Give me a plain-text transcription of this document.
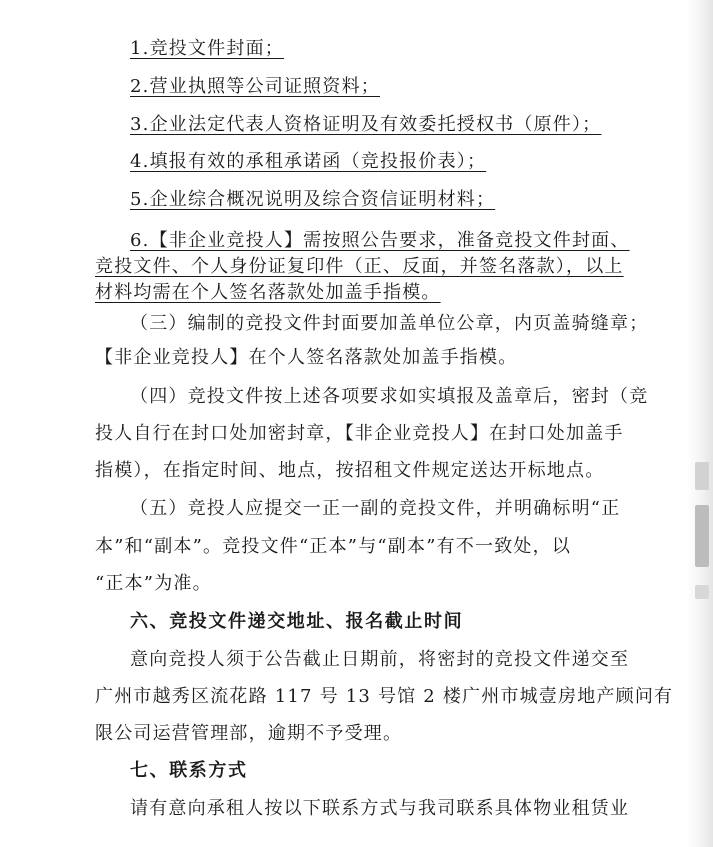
1.竞投文件封面；
2.营业执照等公司证照资料；
3.企业法定代表人资格证明及有效委托授权书（原件）；
4.填报有效的承租承诺函（竞投报价表）；
5.企业综合概况说明及综合资信证明材料；
6.【非企业竞投人】需按照公告要求，准备竞投文件封面、
竞投文件、个人身份证复印件（正、反面，并签名落款），以上
材料均需在个人签名落款处加盖手指模。
（三）编制的竞投文件封面要加盖单位公章，内页盖骑缝章；
【非企业竞投人】在个人签名落款处加盖手指模。
（四）竞投文件按上述各项要求如实填报及盖章后，密封（竞
投人自行在封口处加密封章，【非企业竞投人】在封口处加盖手
指模），在指定时间、地点，按招租文件规定送达开标地点。
（五）竞投人应提交一正一副的竞投文件，并明确标明“正
本”和“副本”。竞投文件“正本”与“副本”有不一致处，以
“正本”为准。
六、竞投文件递交地址、报名截止时间
意向竞投人须于公告截止日期前，将密封的竞投文件递交至
广州市越秀区流花路 117 号 13 号馆 2 楼广州市城壹房地产顾问有
限公司运营管理部，逾期不予受理。
七、联系方式
请有意向承租人按以下联系方式与我司联系具体物业租赁业
